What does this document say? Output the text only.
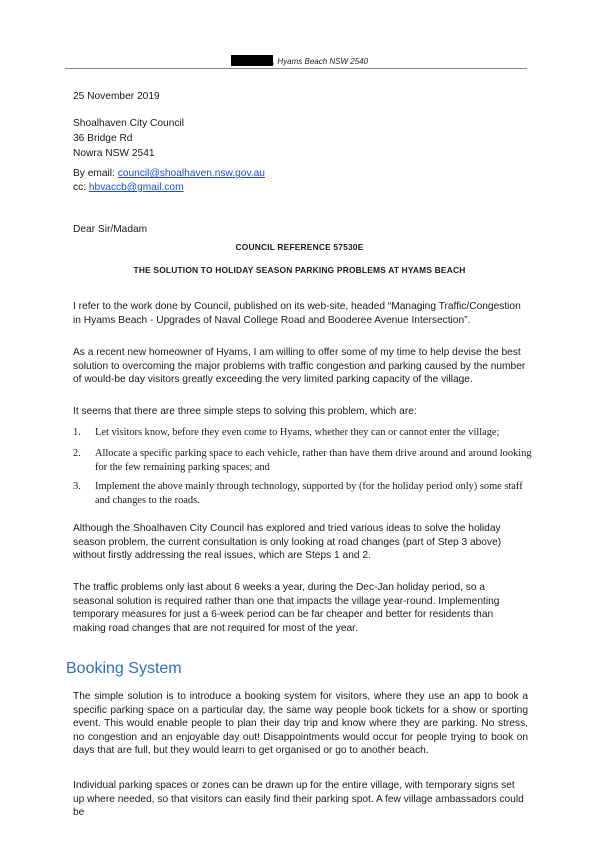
, Hyams Beach NSW 2540

25 November 2019

Shoalhaven City Council

36 Bridge Rd

Nowra NSW 2541

By email: council@shoalhaven.nsw.gov.au

cc: hbvaccb@gmail.com

Dear Sir/Madam

COUNCIL REFERENCE 57530E
THE SOLUTION TO HOLIDAY SEASON PARKING PROBLEMS AT HYAMS BEACH

I refer to the work done by Council, published on its web-site, headed “Managing Traffic/Congestion in Hyams Beach - Upgrades of Naval College Road and Booderee Avenue Intersection”.

As a recent new homeowner of Hyams, I am willing to offer some of my time to help devise the best solution to overcoming the major problems with traffic congestion and parking caused by the number of would-be day visitors greatly exceeding the very limited parking capacity of the village.

It seems that there are three simple steps to solving this problem, which are:

1. Let visitors know, before they even come to Hyams, whether they can or cannot enter the village;
2. Allocate a specific parking space to each vehicle, rather than have them drive around and around looking for the few remaining parking spaces; and
3. Implement the above mainly through technology, supported by (for the holiday period only) some staff and changes to the roads.

Although the Shoalhaven City Council has explored and tried various ideas to solve the holiday season problem, the current consultation is only looking at road changes (part of Step 3 above) without firstly addressing the real issues, which are Steps 1 and 2.

The traffic problems only last about 6 weeks a year, during the Dec-Jan holiday period, so a seasonal solution is required rather than one that impacts the village year-round. Implementing temporary measures for just a 6-week period can be far cheaper and better for residents than making road changes that are not required for most of the year.

Booking System

The simple solution is to introduce a booking system for visitors, where they use an app to book a specific parking space on a particular day, the same way people book tickets for a show or sporting event. This would enable people to plan their day trip and know where they are parking. No stress, no congestion and an enjoyable day out! Disappointments would occur for people trying to book on days that are full, but they would learn to get organised or go to another beach.

Individual parking spaces or zones can be drawn up for the entire village, with temporary signs set up where needed, so that visitors can easily find their parking spot. A few village ambassadors could be
